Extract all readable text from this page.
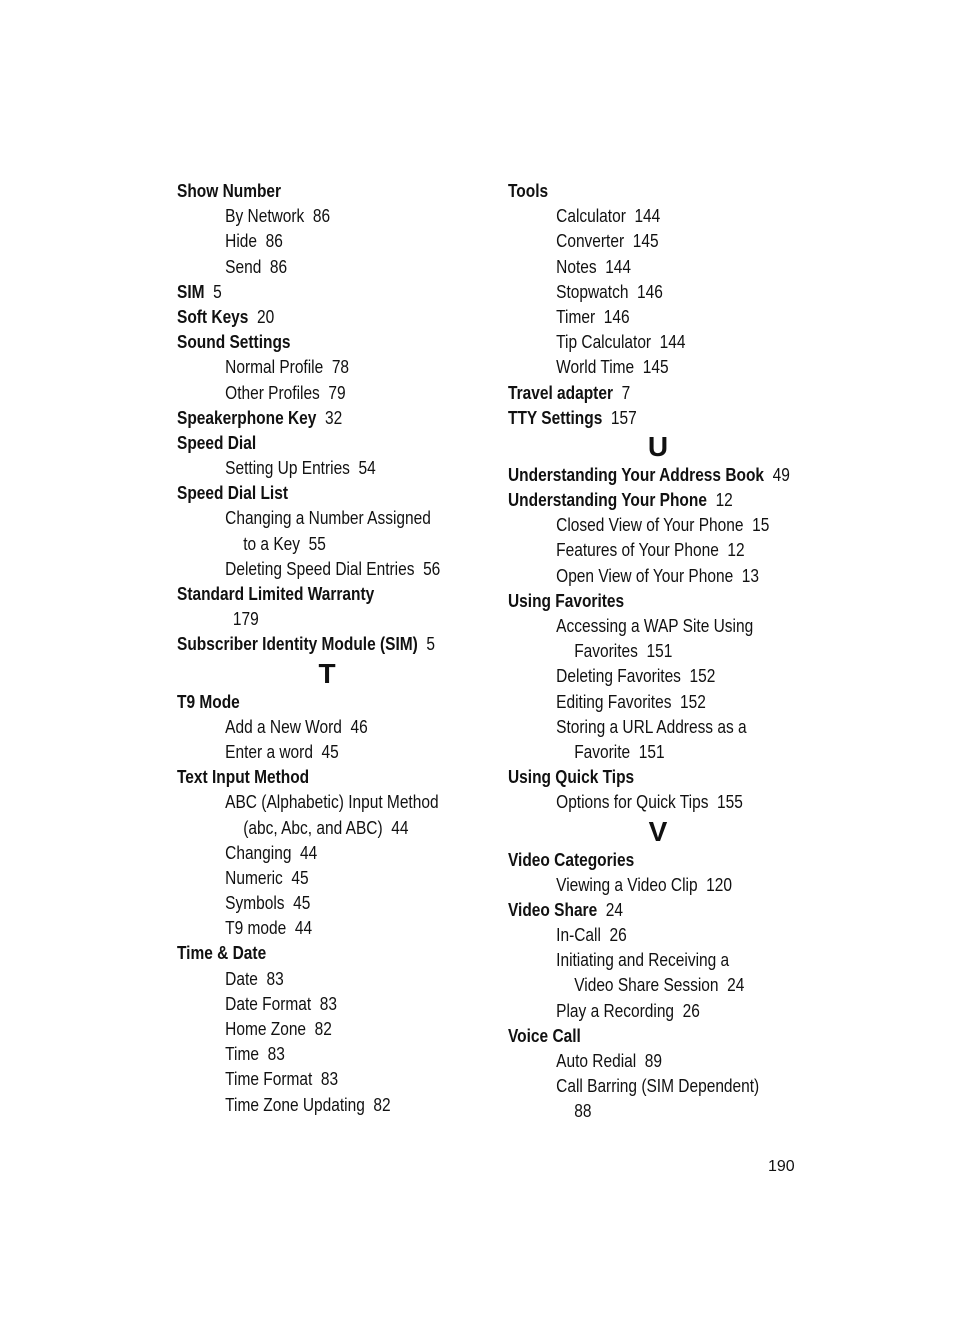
Show Number
By Network  86
Hide  86
Send  86
SIM  5
Soft Keys  20
Sound Settings
Normal Profile  78
Other Profiles  79
Speakerphone Key  32
Speed Dial
Setting Up Entries  54
Speed Dial List
Changing a Number Assigned
to a Key  55
Deleting Speed Dial Entries  56
Standard Limited Warranty
179
Subscriber Identity Module (SIM)  5
T
T9 Mode
Add a New Word  46
Enter a word  45
Text Input Method
ABC (Alphabetic) Input Method
(abc, Abc, and ABC)  44
Changing  44
Numeric  45
Symbols  45
T9 mode  44
Time & Date
Date  83
Date Format  83
Home Zone  82
Time  83
Time Format  83
Time Zone Updating  82
Tools
Calculator  144
Converter  145
Notes  144
Stopwatch  146
Timer  146
Tip Calculator  144
World Time  145
Travel adapter  7
TTY Settings  157
U
Understanding Your Address Book  49
Understanding Your Phone  12
Closed View of Your Phone  15
Features of Your Phone  12
Open View of Your Phone  13
Using Favorites
Accessing a WAP Site Using
Favorites  151
Deleting Favorites  152
Editing Favorites  152
Storing a URL Address as a
Favorite  151
Using Quick Tips
Options for Quick Tips  155
V
Video Categories
Viewing a Video Clip  120
Video Share  24
In-Call  26
Initiating and Receiving a
Video Share Session  24
Play a Recording  26
Voice Call
Auto Redial  89
Call Barring (SIM Dependent)
88
190
